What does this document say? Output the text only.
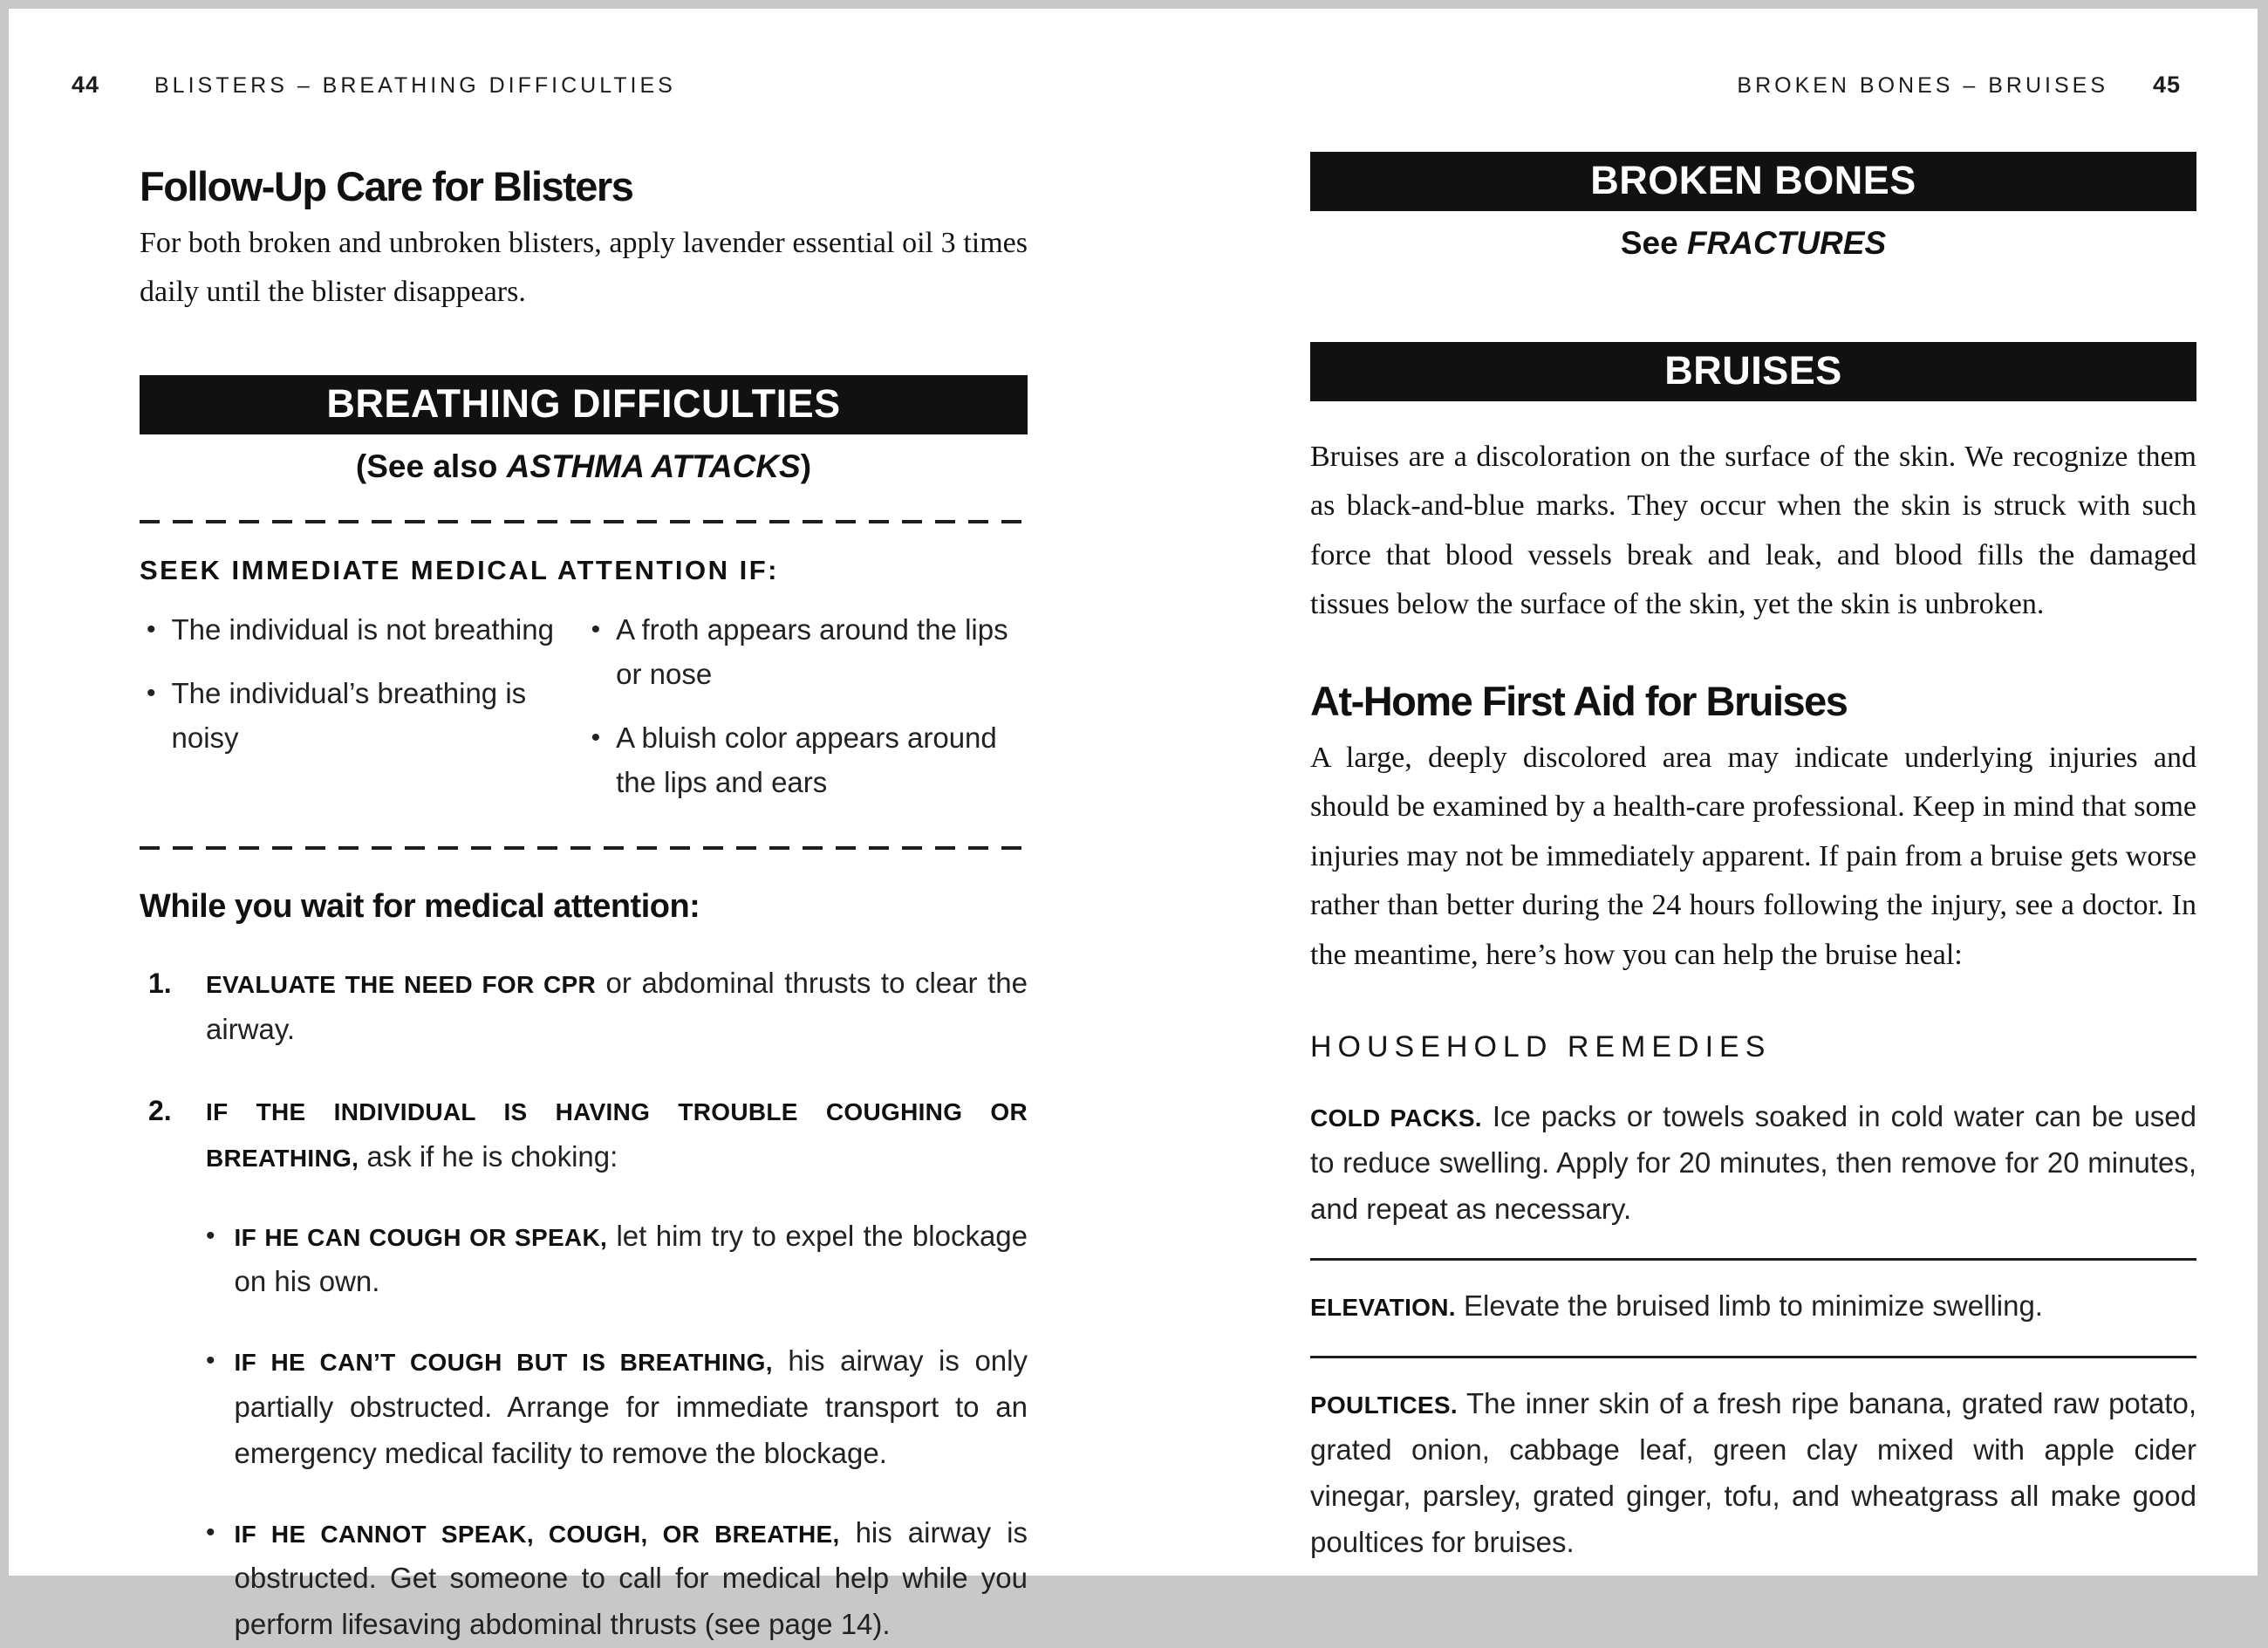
44	BLISTERS – BREATHING DIFFICULTIES	BROKEN BONES – BRUISES 45
Follow-Up Care for Blisters

For both broken and unbroken blisters, apply lavender essential oil 3 times daily until the blister disappears.

BREATHING DIFFICULTIES

(See also ASTHMA ATTACKS)

SEEK IMMEDIATE MEDICAL ATTENTION IF:
• The individual is not breathing
• The individual’s breathing is noisy
• A froth appears around the lips or nose
• A bluish color appears around the lips and ears
While you wait for medical attention:
1.	EVALUATE THE NEED FOR CPR or abdominal thrusts to clear the airway.
2.	IF THE INDIVIDUAL IS HAVING TROUBLE COUGHING OR BREATHING, ask if he is choking:
• IF HE CAN COUGH OR SPEAK, let him try to expel the blockage on his own.
• IF HE CAN’T COUGH BUT IS BREATHING, his airway is only partially obstructed. Arrange for immediate transport to an emergency medical facility to remove the blockage.
• IF HE CANNOT SPEAK, COUGH, OR BREATHE, his airway is obstructed. Get someone to call for medical help while you perform lifesaving abdominal thrusts (see page 14).
BROKEN BONES

See FRACTURES

BRUISES

Bruises are a discoloration on the surface of the skin. We recognize them as black-and-blue marks. They occur when the skin is struck with such force that blood vessels break and leak, and blood fills the damaged tissues below the surface of the skin, yet the skin is unbroken.

At-Home First Aid for Bruises

A large, deeply discolored area may indicate underlying injuries and should be examined by a health-care professional. Keep in mind that some injuries may not be immediately apparent. If pain from a bruise gets worse rather than better during the 24 hours following the injury, see a doctor. In the meantime, here’s how you can help the bruise heal:

HOUSEHOLD REMEDIES

COLD PACKS. Ice packs or towels soaked in cold water can be used to reduce swelling. Apply for 20 minutes, then remove for 20 minutes, and repeat as necessary.

ELEVATION. Elevate the bruised limb to minimize swelling.

POULTICES. The inner skin of a fresh ripe banana, grated raw potato, grated onion, cabbage leaf, green clay mixed with apple cider vinegar, parsley, grated ginger, tofu, and wheatgrass all make good poultices for bruises.
